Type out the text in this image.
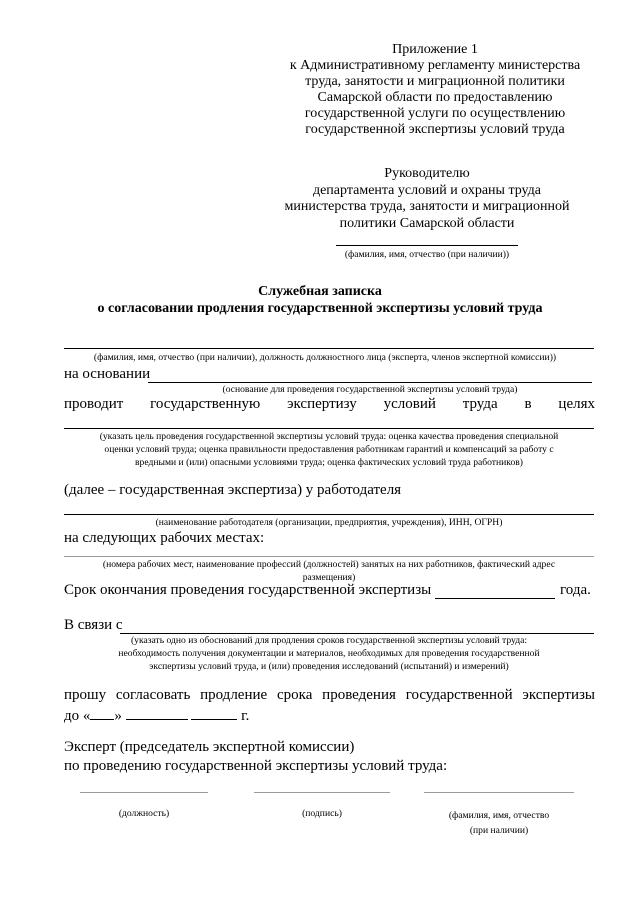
Приложение 1
к Административному регламенту министерства
труда, занятости и миграционной политики
Самарской области по предоставлению
государственной услуги по осуществлению
государственной экспертизы условий труда
Руководителю
департамента условий и охраны труда
министерства труда, занятости и миграционной
политики Самарской области
(фамилия, имя, отчество (при наличии))
Служебная записка
о согласовании продления государственной экспертизы условий труда
(фамилия, имя, отчество (при наличии), должность должностного лица (эксперта, членов экспертной комиссии))
на основании
(основание для проведения государственной экспертизы условий труда)
проводит государственную экспертизу условий труда в целях
(указать цель проведения государственной экспертизы условий труда: оценка качества проведения специальной
оценки условий труда; оценка правильности предоставления работникам гарантий и компенсаций за работу с
вредными и (или) опасными условиями труда; оценка фактических условий труда работников)
(далее – государственная экспертиза) у работодателя
(наименование работодателя (организации, предприятия, учреждения), ИНН, ОГРН)
на следующих рабочих местах:
(номера рабочих мест, наименование профессий (должностей) занятых на них работников, фактический адрес
размещения)
Срок окончания проведения государственной экспертизы	года.
В связи с
(указать одно из обоснований для продления сроков государственной экспертизы условий труда:
необходимость получения документации и материалов, необходимых для проведения государственной
экспертизы условий труда, и (или) проведения исследований (испытаний) и измерений)
прошу согласовать продление срока проведения государственной экспертизы
до « »	г.
Эксперт (председатель экспертной комиссии)
по проведению государственной экспертизы условий труда:
(должность)	(подпись)	(фамилия, имя, отчество
(при наличии)
